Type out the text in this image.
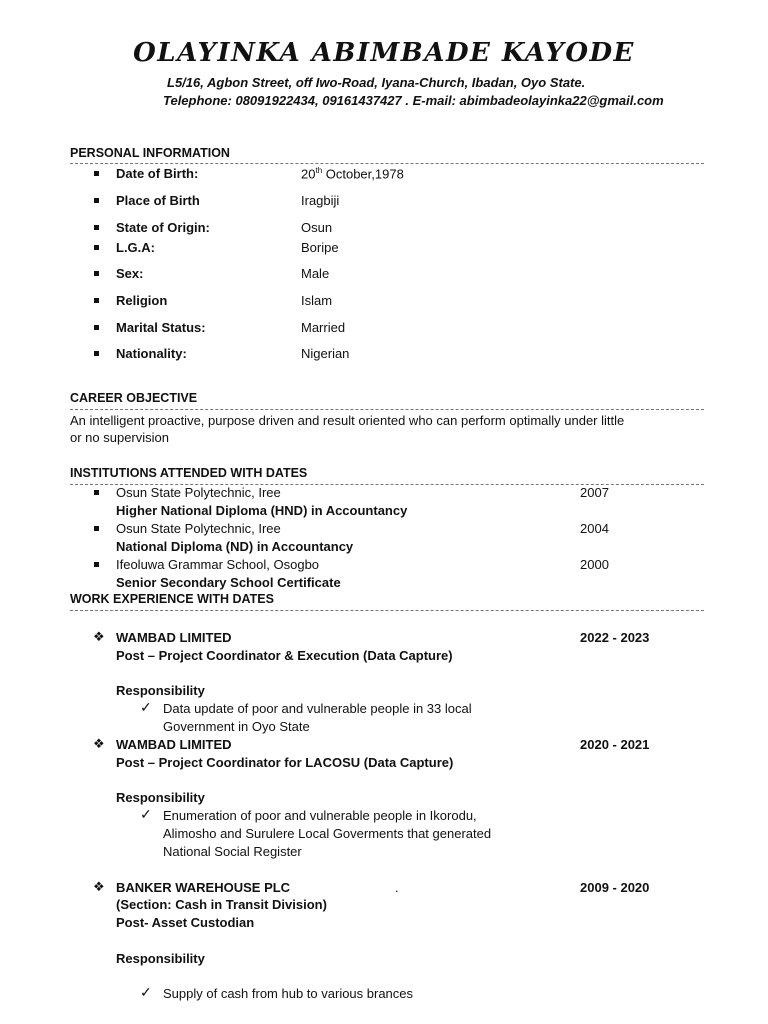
OLAYINKA ABIMBADE KAYODE
L5/16, Agbon Street, off Iwo-Road, Iyana-Church, Ibadan, Oyo State.
Telephone: 08091922434, 09161437427 . E-mail: abimbadeolayinka22@gmail.com
PERSONAL INFORMATION
Date of Birth:	20th October,1978
Place of Birth	Iragbiji
State of Origin:	Osun
L.G.A:	Boripe
Sex:	Male
Religion	Islam
Marital Status:	Married
Nationality:	Nigerian
CAREER OBJECTIVE
An intelligent proactive, purpose driven and result oriented who can perform optimally under little
or no supervision
INSTITUTIONS ATTENDED WITH DATES
Osun State Polytechnic, Iree	2007
Higher National Diploma (HND) in Accountancy
Osun State Polytechnic, Iree	2004
National Diploma (ND) in Accountancy
Ifeoluwa Grammar School, Osogbo	2000
Senior Secondary School Certificate
WORK EXPERIENCE WITH DATES
❖ WAMBAD LIMITED	2022 - 2023
Post – Project Coordinator & Execution (Data Capture)
Responsibility
✓ Data update of poor and vulnerable people in 33 local
Government in Oyo State
❖ WAMBAD LIMITED	2020 - 2021
Post – Project Coordinator for LACOSU (Data Capture)
Responsibility
✓ Enumeration of poor and vulnerable people in Ikorodu,
Alimosho and Surulere Local Goverments that generated
National Social Register
❖ BANKER WAREHOUSE PLC	.	2009 - 2020
(Section: Cash in Transit Division)
Post- Asset Custodian
Responsibility
✓ Supply of cash from hub to various brances
